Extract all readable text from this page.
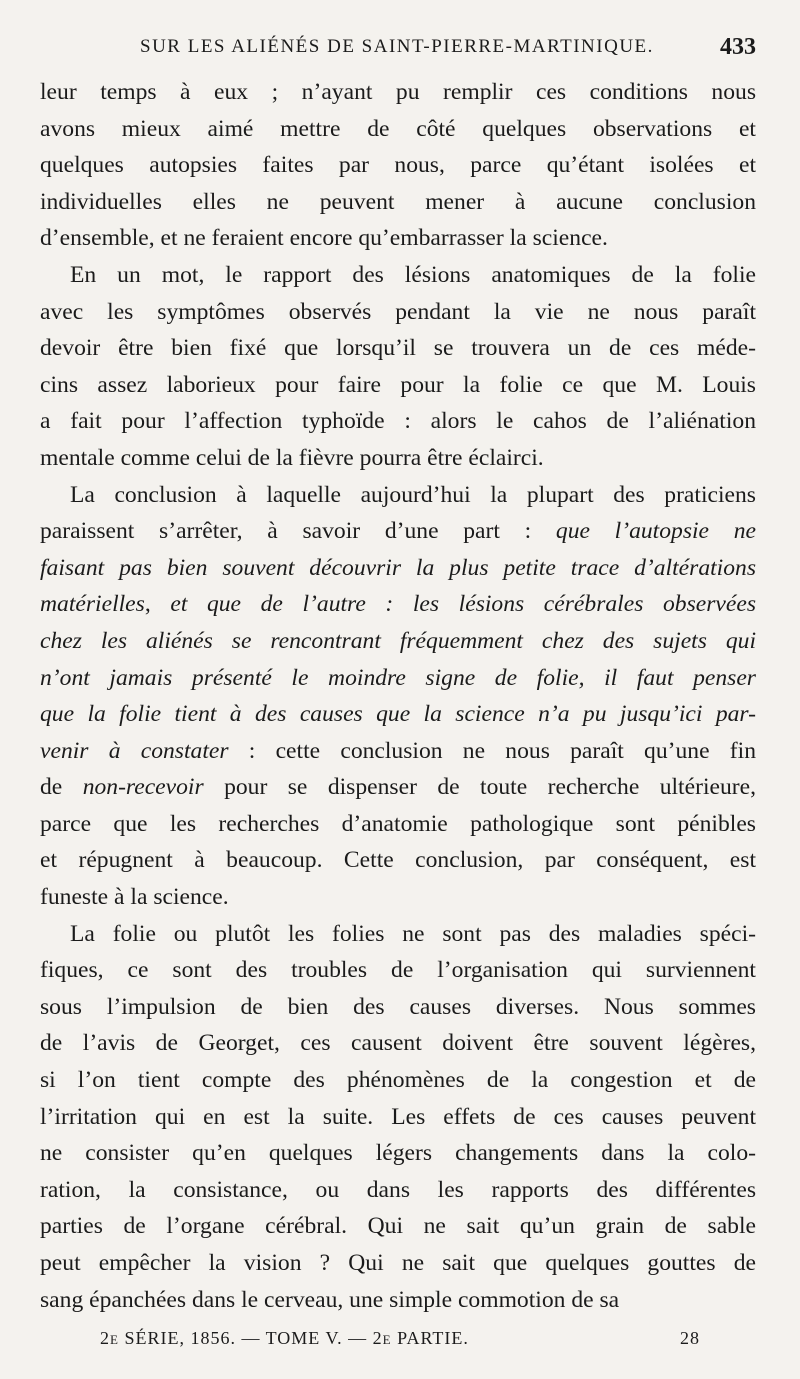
SUR LES ALIÉNÉS DE SAINT-PIERRE-MARTINIQUE.	433
leur temps à eux ; n’ayant pu remplir ces conditions nous
avons mieux aimé mettre de côté quelques observations et
quelques autopsies faites par nous, parce qu’étant isolées et
individuelles elles ne peuvent mener à aucune conclusion
d’ensemble, et ne feraient encore qu’embarrasser la science.
En un mot, le rapport des lésions anatomiques de la folie
avec les symptômes observés pendant la vie ne nous paraît
devoir être bien fixé que lorsqu’il se trouvera un de ces méde-
cins assez laborieux pour faire pour la folie ce que M. Louis
a fait pour l’affection typhoïde : alors le cahos de l’aliénation
mentale comme celui de la fièvre pourra être éclairci.
La conclusion à laquelle aujourd’hui la plupart des praticiens
paraissent s’arrêter, à savoir d’une part : que l’autopsie ne
faisant pas bien souvent découvrir la plus petite trace d’altérations
matérielles, et que de l’autre : les lésions cérébrales observées
chez les aliénés se rencontrant fréquemment chez des sujets qui
n’ont jamais présenté le moindre signe de folie, il faut penser
que la folie tient à des causes que la science n’a pu jusqu’ici par-
venir à constater : cette conclusion ne nous paraît qu’une fin
de non-recevoir pour se dispenser de toute recherche ultérieure,
parce que les recherches d’anatomie pathologique sont pénibles
et répugnent à beaucoup. Cette conclusion, par conséquent, est
funeste à la science.
La folie ou plutôt les folies ne sont pas des maladies spéci-
fiques, ce sont des troubles de l’organisation qui surviennent
sous l’impulsion de bien des causes diverses. Nous sommes
de l’avis de Georget, ces causent doivent être souvent légères,
si l’on tient compte des phénomènes de la congestion et de
l’irritation qui en est la suite. Les effets de ces causes peuvent
ne consister qu’en quelques légers changements dans la colo-
ration, la consistance, ou dans les rapports des différentes
parties de l’organe cérébral. Qui ne sait qu’un grain de sable
peut empêcher la vision ? Qui ne sait que quelques gouttes de
sang épanchées dans le cerveau, une simple commotion de sa
2e SÉRIE, 1856. — TOME V. — 2e PARTIE.	28
